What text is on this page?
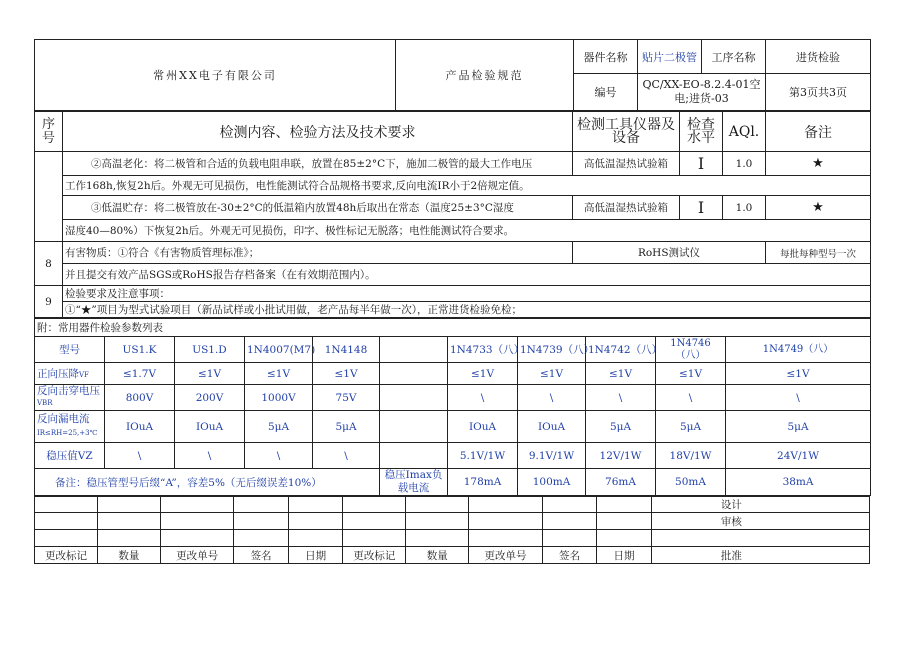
常州XX电子有限公司	产品检验规范	器件名称	贴片二极管	工序名称	进货检验
		编号	QC/XX-EO-8.2.4-01空电;进货-03		第3页共3页
序号	检测内容、检验方法及技术要求	检测工具仪器及设备	检查水平	AQl.	备注
	②高温老化：将二极管和合适的负载电阻串联，放置在85±2°C下，施加二极管的最大工作电压	高低温湿热试验箱	I	1.0	★
	工作168h,恢复2h后。外观无可见损伤，电性能测试符合品规格书要求,反向电流IR小于2倍规定值。				
	③低温贮存：将二极管放在-30±2°C的低温箱内放置48h后取出在常态（温度25±3°C湿度	高低温湿热试验箱	I	1.0	★
	湿度40—80%）下恢复2h后。外观无可见损伤，印字、极性标记无脱落；电性能测试符合要求。				
8	有害物质：①符合《有害物质管理标准》；	RoHS测试仪			每批每种型号一次
	并且提交有效产品SGS或RoHS报告存档备案（在有效期范围内）。				
9	检验要求及注意事项：				
	①“★”项目为型式试验项目（新品试样或小批试用做，老产品每半年做一次），正常进货检验免检；				
附：常用器件检验参数列表										
型号	US1.K	US1.D	1N4007(M7)	1N4148		1N4733（八）	1N4739（八）	1N4742（八）	1N4746（八）	1N4749（八）
正向压降VF	≤1.7V	≤1V	≤1V	≤1V		≤1V	≤1V	≤1V	≤1V	≤1V
反向击穿电压
VBR	800V	200V	1000V	75V		\	\	\	\	\
反向漏电流
IR≤RH=25,+3℃	IOuA	IOuA	5μA	5μA		IOuA	IOuA	5μA	5μA	5μA
稳压值VZ	\	\	\	\		5.1V/1W	9.1V/1W	12V/1W	18V/1W	24V/1W
备注：稳压管型号后缀“A”，容差5%（无后缀误差10%）					稳压Imax负载电流	178mA	100mA	76mA	50mA	38mA
										设计
										审核

更改标记	数量	更改单号	签名	日期	更改标记	数量	更改单号	签名	日期	批准
